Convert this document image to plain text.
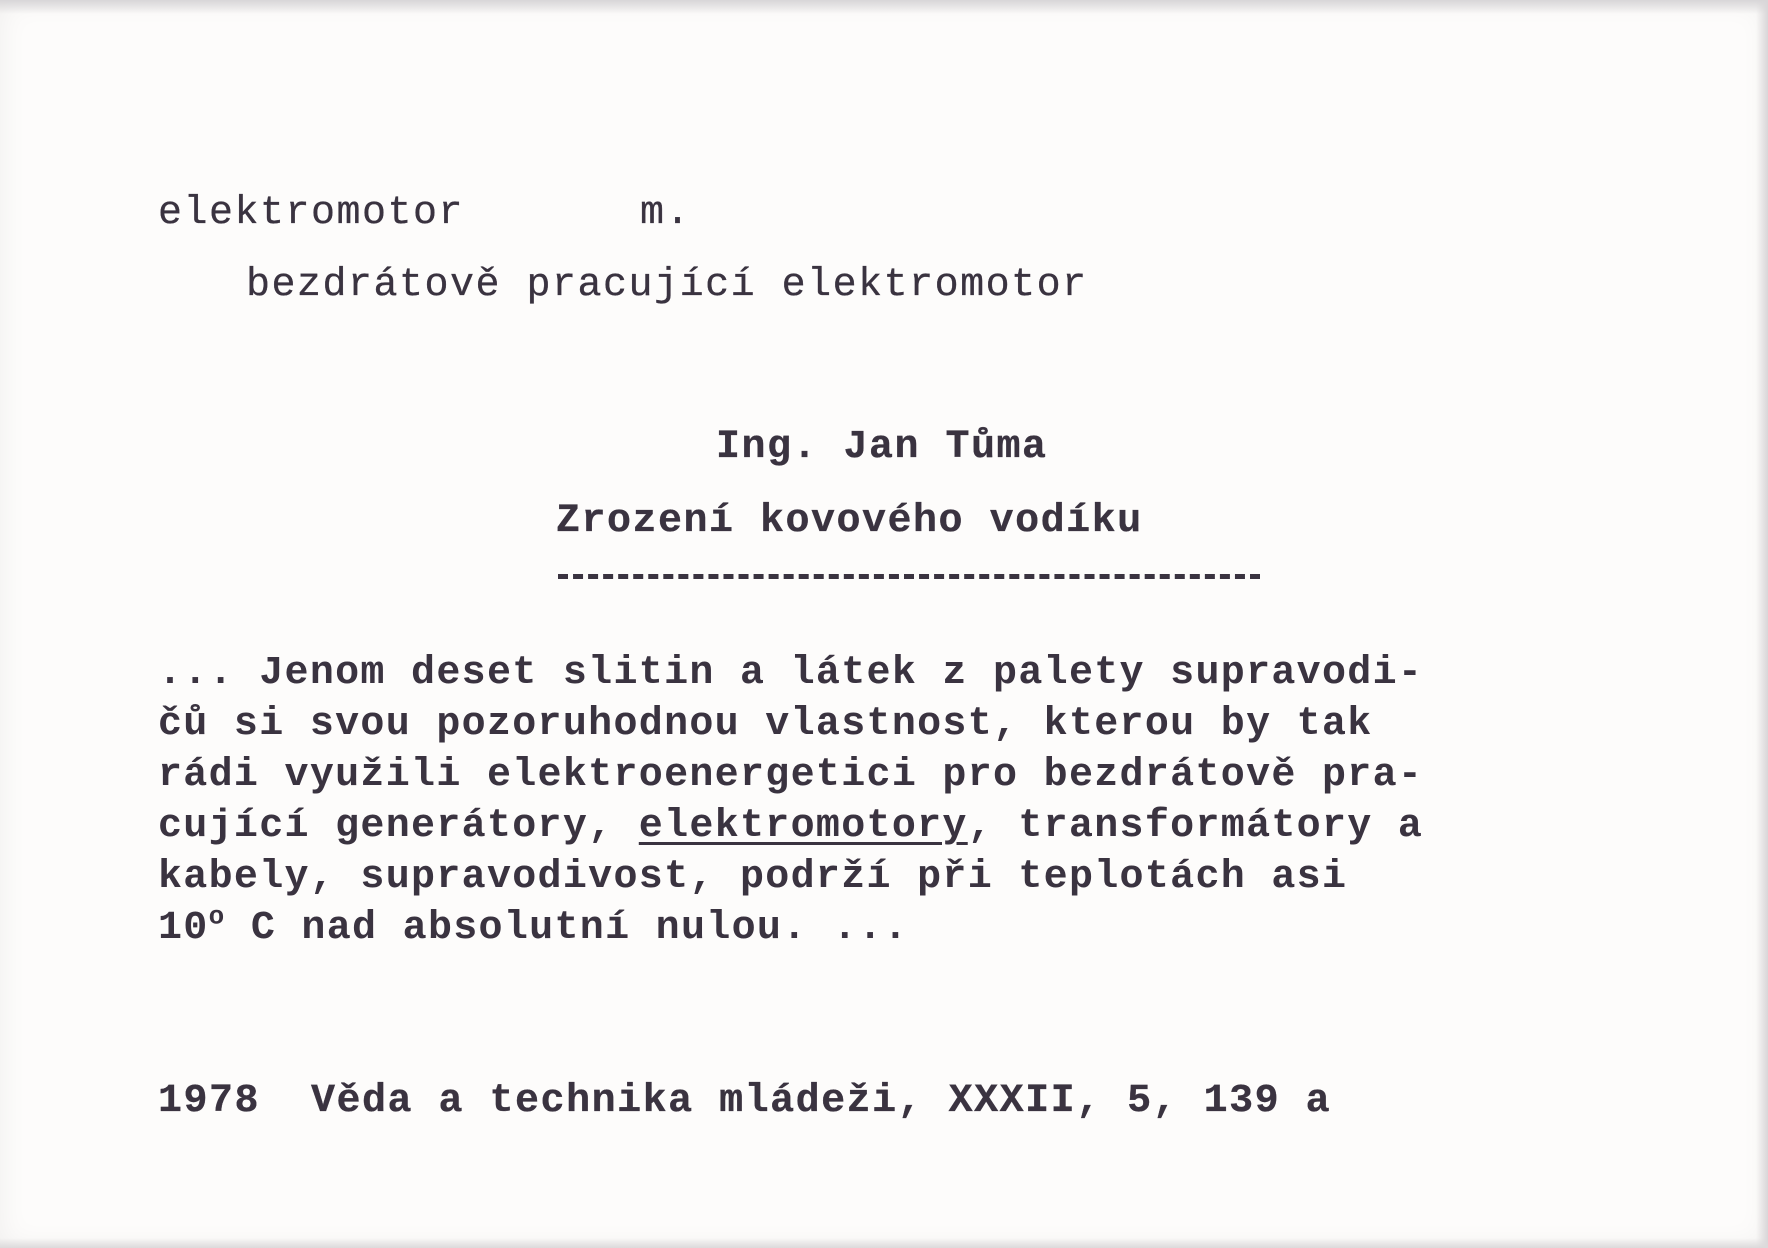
elektromotor	m.
bezdrátově pracující elektromotor
Ing. Jan Tůma
Zrození kovového vodíku
... Jenom deset slitin a látek z palety supravodi-
čů si svou pozoruhodnou vlastnost, kterou by tak
rádi využili elektroenergetici pro bezdrátově pra-
cující generátory, elektromotory, transformátory a
kabely, supravodivost, podrží při teplotách asi
10$^o$ C nad absolutní nulou. ...
1978  Věda a technika mládeži, XXXII, 5, 139 a
